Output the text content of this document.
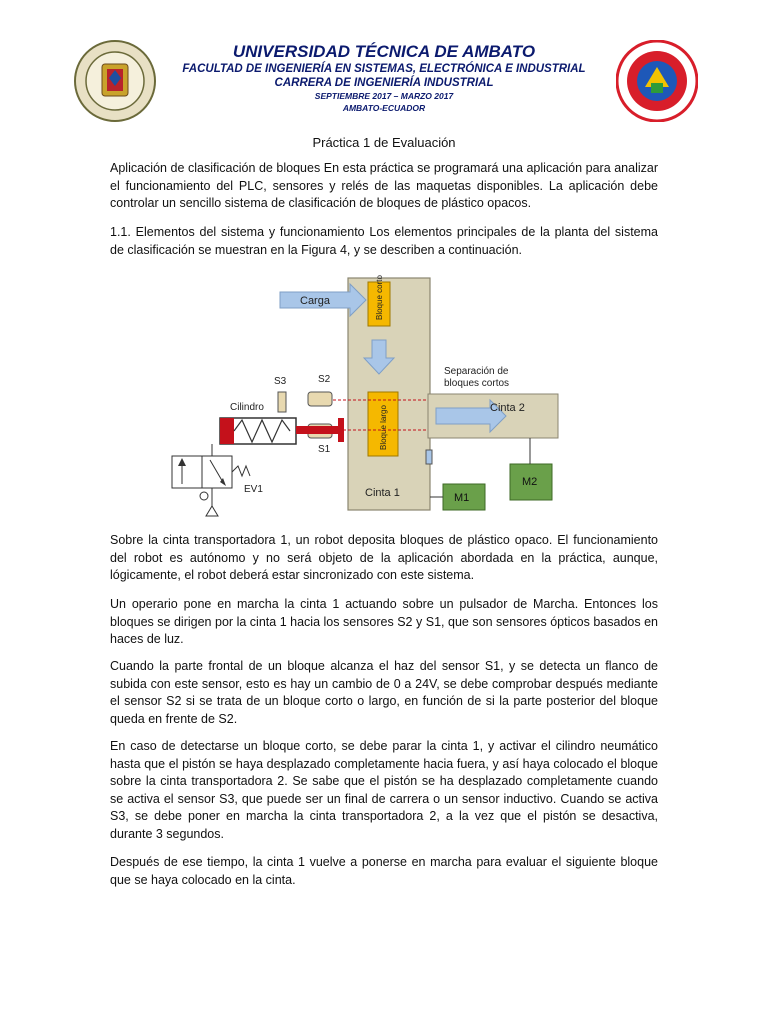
UNIVERSIDAD TÉCNICA DE AMBATO
FACULTAD DE INGENIERÍA EN SISTEMAS, ELECTRÓNICA E INDUSTRIAL
CARRERA DE INGENIERÍA INDUSTRIAL
SEPTIEMBRE 2017 – MARZO 2017
AMBATO-ECUADOR
Práctica 1 de Evaluación
Aplicación de clasificación de bloques En esta práctica se programará una aplicación para analizar el funcionamiento del PLC, sensores y relés de las maquetas disponibles. La aplicación debe controlar un sencillo sistema de clasificación de bloques de plástico opacos.
1.1. Elementos del sistema y funcionamiento Los elementos principales de la planta del sistema de clasificación se muestran en la Figura 4, y se describen a continuación.
Carga	Bloque corto
Bloque largo
Cinta 1	M1
Cinta 2
Separación de
bloques cortos
M2
S2
S1
S3
Cilindro
EV1
Sobre la cinta transportadora 1, un robot deposita bloques de plástico opaco. El funcionamiento del robot es autónomo y no será objeto de la aplicación abordada en la práctica, aunque, lógicamente, el robot deberá estar sincronizado con este sistema.
Un operario pone en marcha la cinta 1 actuando sobre un pulsador de Marcha. Entonces los bloques se dirigen por la cinta 1 hacia los sensores S2 y S1, que son sensores ópticos basados en haces de luz.
Cuando la parte frontal de un bloque alcanza el haz del sensor S1, y se detecta un flanco de subida con este sensor, esto es hay un cambio de 0 a 24V, se debe comprobar después mediante el sensor S2 si se trata de un bloque corto o largo, en función de si la parte posterior del bloque queda en frente de S2.
En caso de detectarse un bloque corto, se debe parar la cinta 1, y activar el cilindro neumático hasta que el pistón se haya desplazado completamente hacia fuera, y así haya colocado el bloque sobre la cinta transportadora 2. Se sabe que el pistón se ha desplazado completamente cuando se activa el sensor S3, que puede ser un final de carrera o un sensor inductivo. Cuando se activa S3, se debe poner en marcha la cinta transportadora 2, a la vez que el pistón se desactiva, durante 3 segundos.
Después de ese tiempo, la cinta 1 vuelve a ponerse en marcha para evaluar el siguiente bloque que se haya colocado en la cinta.
